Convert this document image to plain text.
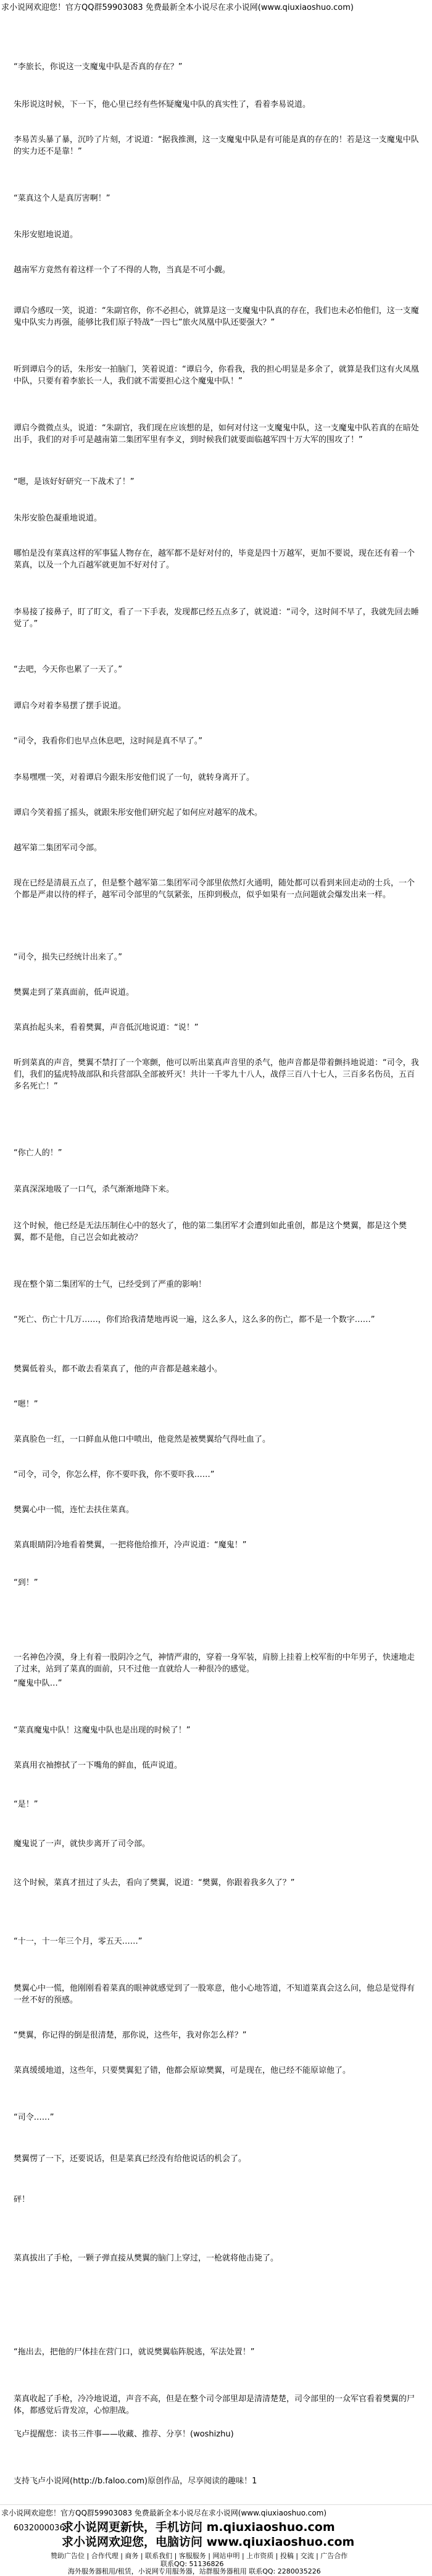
求小说网欢迎您！官方QQ群59903083 免费最新全本小说尽在求小说网(www.qiuxiaoshuo.com)
“李旅长，你说这一支魔鬼中队是否真的存在？”
朱彤说这时候，下一下，他心里已经有些怀疑魔鬼中队的真实性了，看着李易说道。
李易苦头暴了暴，沉吟了片刻，才说道：“据我推测，这一支魔鬼中队是有可能是真的存在的！若是这一支魔鬼中队的实力还不是靠！”
“菜真这个人是真厉害啊！”
朱彤安慰地说道。
越南军方竟然有着这样一个了不得的人物，当真是不可小觑。
谭启今感叹一笑，说道：“朱副官你，你不必担心，就算是这一支魔鬼中队真的存在，我们也未必怕他们，这一支魔鬼中队实力再强，能够比我们原子特战“一四七”旅火凤凰中队还要强大？”
听到谭启今的话，朱彤安一拍脑门，笑着说道：“谭启今，你看我，我的担心明显是多余了，就算是我们这有火凤凰中队，只要有着李旅长一人，我们就不需要担心这个魔鬼中队！”
谭启今微微点头，说道：“朱副官，我们现在应该想的是，如何对付这一支魔鬼中队，这一支魔鬼中队若真的在暗处出手，我们的对手可是越南第二集团军里有李义，到时候我们就要面临越军四十万大军的围攻了！”
“嗯，是该好好研究一下战术了！”
朱彤安脸色凝重地说道。
哪怕是没有菜真这样的军事猛人物存在，越军都不是好对付的，毕竟是四十万越军，更加不要说，现在还有着一个菜真，以及一个九百越军就更加不好对付了。
李易接了接鼻子，盯了盯文，看了一下手表，发现都已经五点多了，就说道：“司令，这时间不早了，我就先回去睡觉了。”
“去吧，今天你也累了一天了。”
谭启今对着李易摆了摆手说道。
“司令，我看你们也早点休息吧，这时间是真不早了。”
李易嘿嘿一笑，对着谭启今跟朱彤安他们说了一句，就转身离开了。
谭启今笑着摇了摇头，就跟朱彤安他们研究起了如何应对越军的战术。
越军第二集团军司令部。
现在已经是清晨五点了，但是整个越军第二集团军司令部里依然灯火通明，随处都可以看到来回走动的士兵，一个个都是严肃以待的样子，越军司令部里的气氛紧张，压抑到极点，似乎如果有一点问题就会爆发出来一样。
“司令，损失已经统计出来了。”
樊翼走到了菜真面前，低声说道。
菜真抬起头来，看着樊翼，声音低沉地说道：“说！”
听到菜真的声音，樊翼不禁打了一个寒颤，他可以听出菜真声音里的杀气，他声音都是带着颤抖地说道：“司令，我们，我们的猛虎特战部队和兵营部队全部被歼灭！共计一千零九十八人，战俘三百八十七人，三百多名伤员，五百多名死亡！”
“你亡人的！”
菜真深深地吸了一口气，杀气渐渐地降下来。
这个时候，他已经是无法压制住心中的怒火了，他的第二集团军才会遭到如此重创，都是这个樊翼，都是这个樊翼，都不是他，自己岂会如此被动？
现在整个第二集团军的士气，已经受到了严重的影响！
“死亡、伤亡十几万……，你们给我清楚地再说一遍，这么多人，这么多的伤亡，都不是一个数字……”
樊翼低着头，都不敢去看菜真了，他的声音都是越来越小。
“嗯！”
菜真脸色一红，一口鲜血从他口中喷出，他竟然是被樊翼给气得吐血了。
“司令，司令，你怎么样，你不要吓我，你不要吓我……”
樊翼心中一慌，连忙去扶住菜真。
菜真眼睛阴冷地看着樊翼，一把将他给推开，冷声说道：“魔鬼！”
“到！”
一名神色冷漠，身上有着一股阴冷之气，神情严肃的，穿着一身军装，肩膀上挂着上校军衔的中年男子，快速地走了过来，站到了菜真的面前，只不过他一直就给人一种很冷的感觉。
“魔鬼中队…”
“菜真魔鬼中队！这魔鬼中队也是出现的时候了！”
菜真用衣袖擦拭了一下嘴角的鲜血，低声说道。
“是！”
魔鬼说了一声，就快步离开了司令部。
这个时候，菜真才扭过了头去，看向了樊翼，说道：“樊翼，你跟着我多久了？”
“十一，十一年三个月，零五天……”
樊翼心中一慌，他刚刚看着菜真的眼神就感觉到了一股寒意，他小心地答道，不知道菜真会这么问，他总是觉得有一丝不好的预感。
“樊翼，你记得的倒是很清楚，那你说，这些年，我对你怎么样？”
菜真缓缓地道，这些年，只要樊翼犯了错，他都会原谅樊翼，可是现在，他已经不能原谅他了。
“司令……”
樊翼愣了一下，还要说话，但是菜真已经没有给他说话的机会了。
砰！
菜真拔出了手枪，一颗子弹直接从樊翼的脑门上穿过，一枪就将他击毙了。
“拖出去，把他的尸体挂在营门口，就说樊翼临阵脱逃，军法处置！”
菜真收起了手枪，冷冷地说道，声音不高，但是在整个司令部里却是清清楚楚，司令部里的一众军官看着樊翼的尸体，都感觉后背发凉，心惊胆战。
飞卢提醒您：读书三件事——收藏、推荐、分享！(woshizhu)
支持飞卢小说网(http://b.faloo.com)原创作品，尽享阅读的趣味！1
6032000036
求小说网欢迎您！官方QQ群59903083 免费最新全本小说尽在求小说网(www.qiuxiaoshuo.com)
求小说网更新快，手机访问 m.qiuxiaoshuo.com
求小说网欢迎您，电脑访问 www.qiuxiaoshuo.com
赞助广告位 | 合作代理 | 商务 | 联系我们 | 客服服务 | 网站申明 | 上市资质 | 投稿 | 交流 | 广告合作
联系QQ: 51136826
海外服务器租用/租赁，小说网专用服务器，站群服务器租用 联系QQ: 2280035226
